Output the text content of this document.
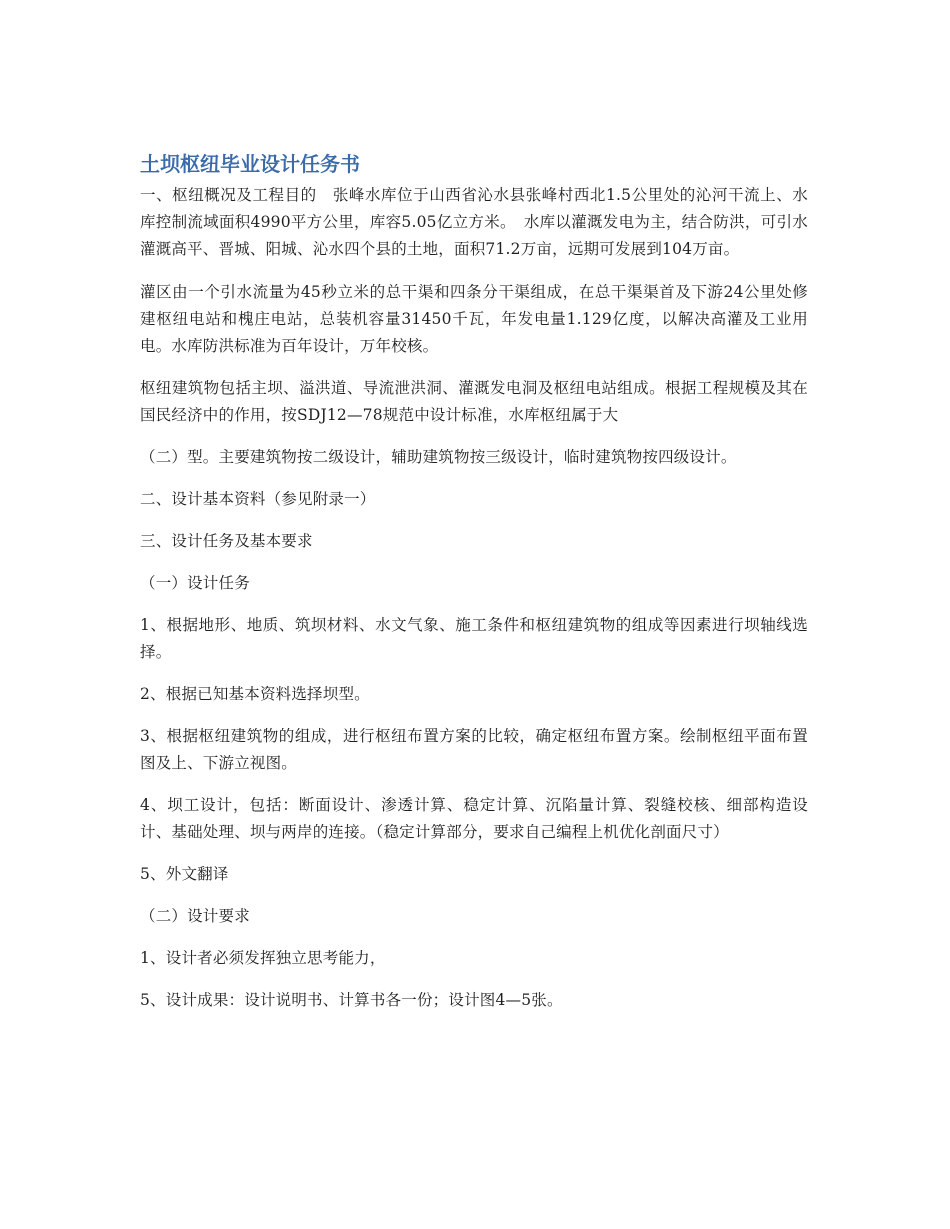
土坝枢纽毕业设计任务书

一、枢纽概况及工程目的　张峰水库位于山西省沁水县张峰村西北1.5公里处的沁河干流上、水库控制流域面积4990平方公里，库容5.05亿立方米。　水库以灌溉发电为主，结合防洪，可引水灌溉高平、晋城、阳城、沁水四个县的土地，面积71.2万亩，远期可发展到104万亩。

灌区由一个引水流量为45秒立米的总干渠和四条分干渠组成，在总干渠渠首及下游24公里处修建枢纽电站和槐庄电站，总装机容量31450千瓦，年发电量1.129亿度，以解决高灌及工业用电。水库防洪标准为百年设计，万年校核。

枢纽建筑物包括主坝、溢洪道、导流泄洪洞、灌溉发电洞及枢纽电站组成。根据工程规模及其在国民经济中的作用，按SDJ12—78规范中设计标准，水库枢纽属于大

（二）型。主要建筑物按二级设计，辅助建筑物按三级设计，临时建筑物按四级设计。

二、设计基本资料（参见附录一）

三、设计任务及基本要求

（一）设计任务

1、根据地形、地质、筑坝材料、水文气象、施工条件和枢纽建筑物的组成等因素进行坝轴线选择。

2、根据已知基本资料选择坝型。

3、根据枢纽建筑物的组成，进行枢纽布置方案的比较，确定枢纽布置方案。绘制枢纽平面布置图及上、下游立视图。

4、坝工设计，包括：断面设计、渗透计算、稳定计算、沉陷量计算、裂缝校核、细部构造设计、基础处理、坝与两岸的连接。（稳定计算部分，要求自己编程上机优化剖面尺寸）

5、外文翻译

（二）设计要求

1、设计者必须发挥独立思考能力，

5、设计成果：设计说明书、计算书各一份；设计图4—5张。
